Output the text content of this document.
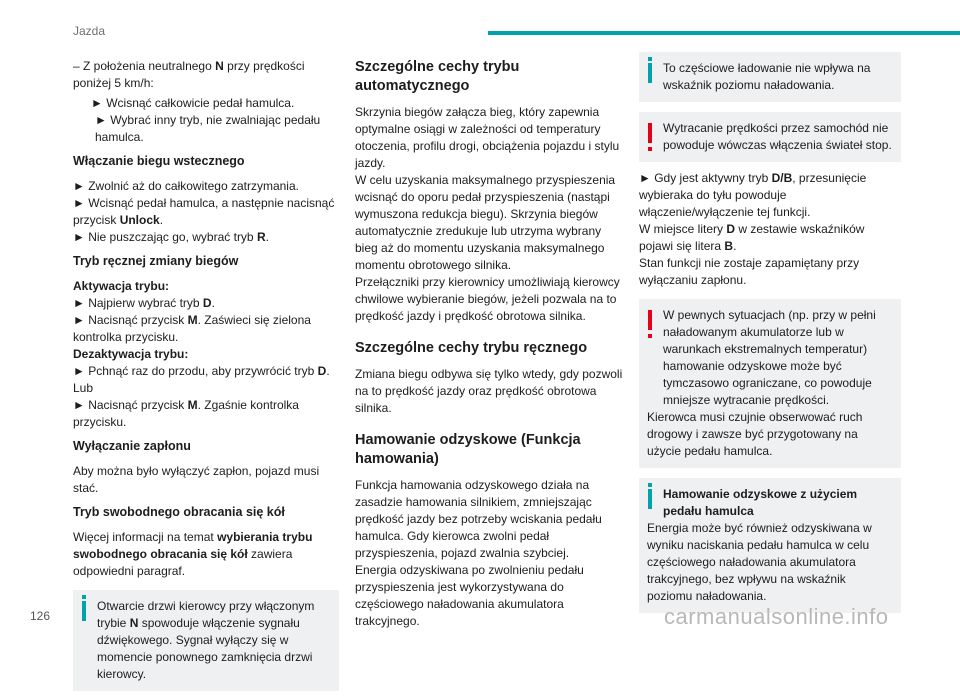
Jazda

– Z położenia neutralnego N przy prędkości poniżej 5 km/h:

► Wcisnąć całkowicie pedał hamulca.

► Wybrać inny tryb, nie zwalniając pedału hamulca.

Włączanie biegu wstecznego

► Zwolnić aż do całkowitego zatrzymania.

► Wcisnąć pedał hamulca, a następnie nacisnąć przycisk Unlock.

► Nie puszczając go, wybrać tryb R.

Tryb ręcznej zmiany biegów

Aktywacja trybu:

► Najpierw wybrać tryb D.

► Nacisnąć przycisk M. Zaświeci się zielona kontrolka przycisku.

Dezaktywacja trybu:

► Pchnąć raz do przodu, aby przywrócić tryb D.

Lub

► Nacisnąć przycisk M. Zgaśnie kontrolka przycisku.

Wyłączanie zapłonu

Aby można było wyłączyć zapłon, pojazd musi stać.

Tryb swobodnego obracania się kół

Więcej informacji na temat wybierania trybu swobodnego obracania się kół zawiera odpowiedni paragraf.

Otwarcie drzwi kierowcy przy włączonym trybie N spowoduje włączenie sygnału dźwiękowego. Sygnał wyłączy się w momencie ponownego zamknięcia drzwi kierowcy.

Szczególne cechy trybu automatycznego

Skrzynia biegów załącza bieg, który zapewnia optymalne osiągi w zależności od temperatury otoczenia, profilu drogi, obciążenia pojazdu i stylu jazdy.

W celu uzyskania maksymalnego przyspieszenia wcisnąć do oporu pedał przyspieszenia (nastąpi wymuszona redukcja biegu). Skrzynia biegów automatycznie zredukuje lub utrzyma wybrany bieg aż do momentu uzyskania maksymalnego momentu obrotowego silnika.

Przełączniki przy kierownicy umożliwiają kierowcy chwilowe wybieranie biegów, jeżeli pozwala na to prędkość jazdy i prędkość obrotowa silnika.

Szczególne cechy trybu ręcznego

Zmiana biegu odbywa się tylko wtedy, gdy pozwoli na to prędkość jazdy oraz prędkość obrotowa silnika.

Hamowanie odzyskowe (Funkcja hamowania)

Funkcja hamowania odzyskowego działa na zasadzie hamowania silnikiem, zmniejszając prędkość jazdy bez potrzeby wciskania pedału hamulca. Gdy kierowca zwolni pedał przyspieszenia, pojazd zwalnia szybciej.

Energia odzyskiwana po zwolnieniu pedału przyspieszenia jest wykorzystywana do częściowego naładowania akumulatora trakcyjnego.

To częściowe ładowanie nie wpływa na wskaźnik poziomu naładowania.

Wytracanie prędkości przez samochód nie powoduje wówczas włączenia świateł stop.

► Gdy jest aktywny tryb D/B, przesunięcie wybieraka do tyłu powoduje włączenie/wyłączenie tej funkcji.

W miejsce litery D w zestawie wskaźników pojawi się litera B.

Stan funkcji nie zostaje zapamiętany przy wyłączaniu zapłonu.

W pewnych sytuacjach (np. przy w pełni naładowanym akumulatorze lub w warunkach ekstremalnych temperatur) hamowanie odzyskowe może być tymczasowo ograniczane, co powoduje mniejsze wytracanie prędkości.

Kierowca musi czujnie obserwować ruch drogowy i zawsze być przygotowany na użycie pedału hamulca.

Hamowanie odzyskowe z użyciem pedału hamulca

Energia może być również odzyskiwana w wyniku naciskania pedału hamulca w celu częściowego naładowania akumulatora trakcyjnego, bez wpływu na wskaźnik poziomu naładowania.

126	carmanualsonline.info
